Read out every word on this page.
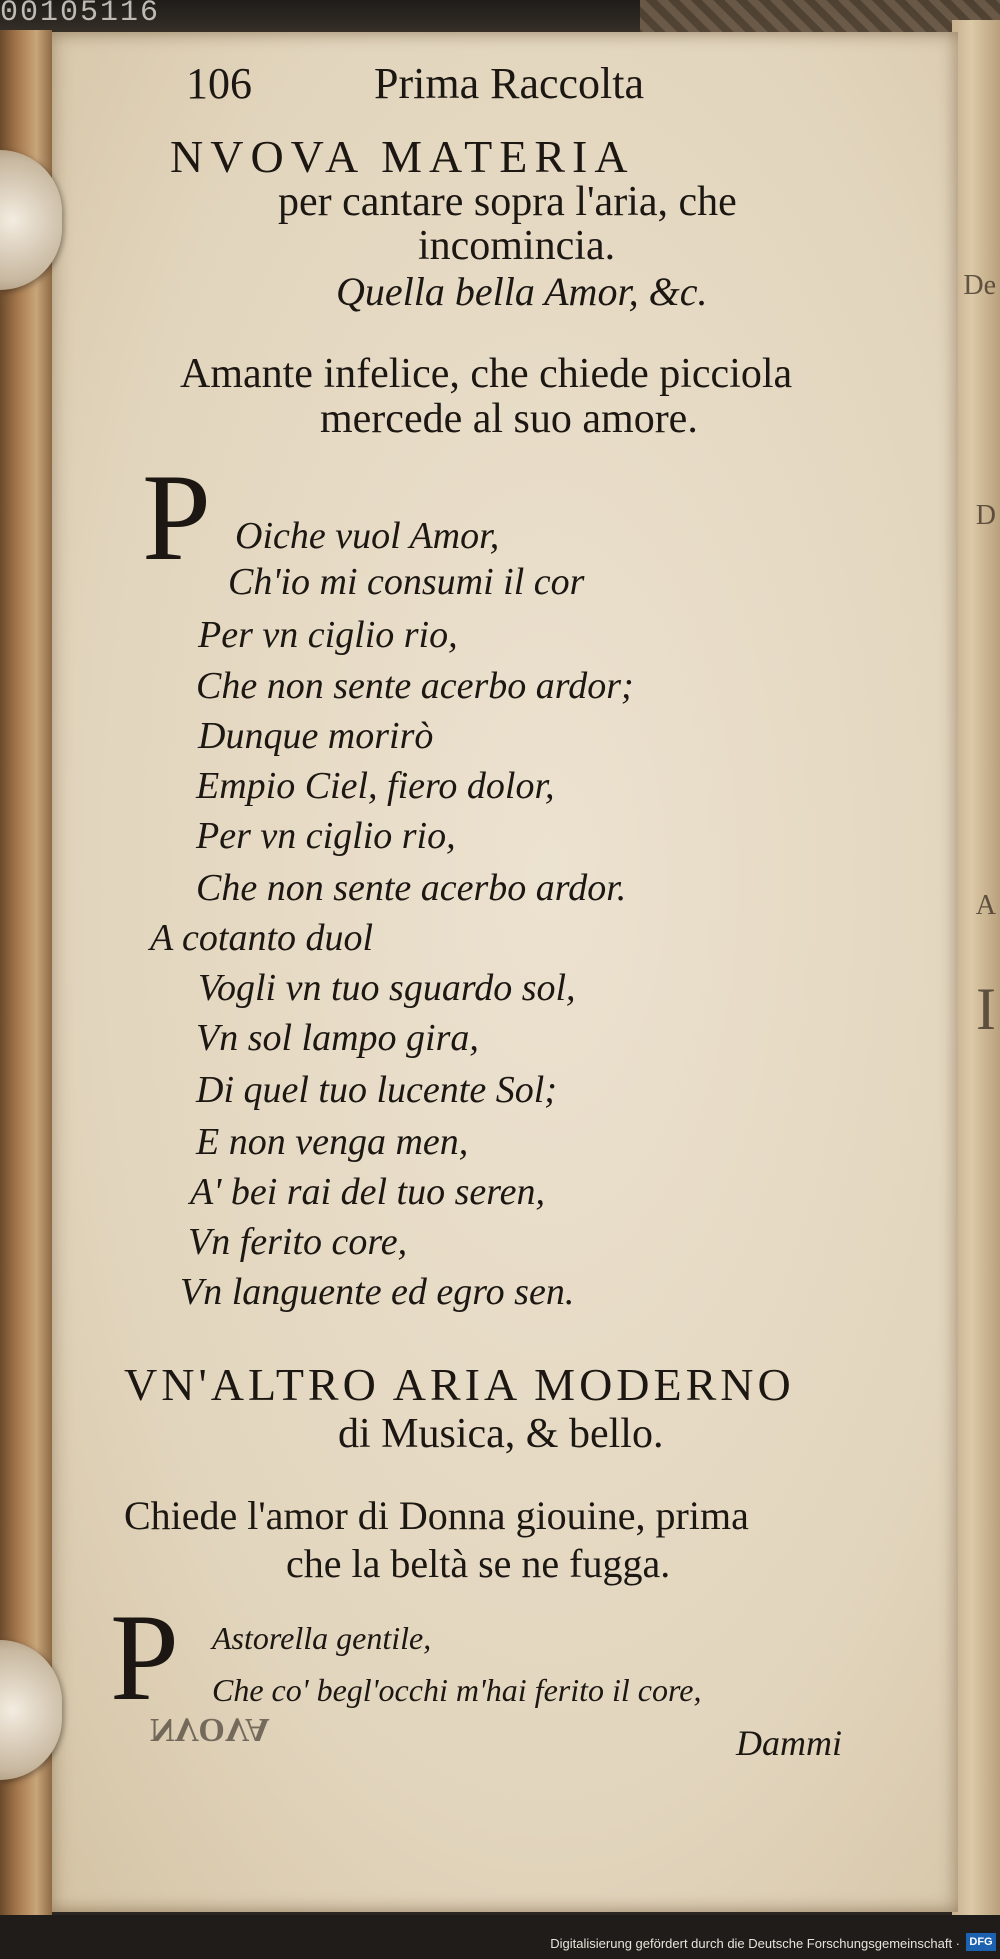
00105116
De
D
A
I
106	Prima Raccolta
NVOVA MATERIA
per cantare sopra l'aria, che
incomincia.
Quella bella Amor, &c.
Amante infelice, che chiede picciola
mercede al suo amore.
P Oiche vuol Amor,
Ch'io mi consumi il cor
Per vn ciglio rio,
Che non sente acerbo ardor;
Dunque morirò
Empio Ciel, fiero dolor,
Per vn ciglio rio,
Che non sente acerbo ardor.
A cotanto duol
Vogli vn tuo sguardo sol,
Vn sol lampo gira,
Di quel tuo lucente Sol;
E non venga men,
A' bei rai del tuo seren,
Vn ferito core,
Vn languente ed egro sen.
VN'ALTRO ARIA MODERNO
di Musica, & bello.
Chiede l'amor di Donna giouine, prima
che la beltà se ne fugga.
P Astorella gentile,
Che co' begl'occhi m'hai ferito il core,
NVOVA	Dammi
Digitalisierung gefördert durch die Deutsche Forschungsgemeinschaft · DFG
